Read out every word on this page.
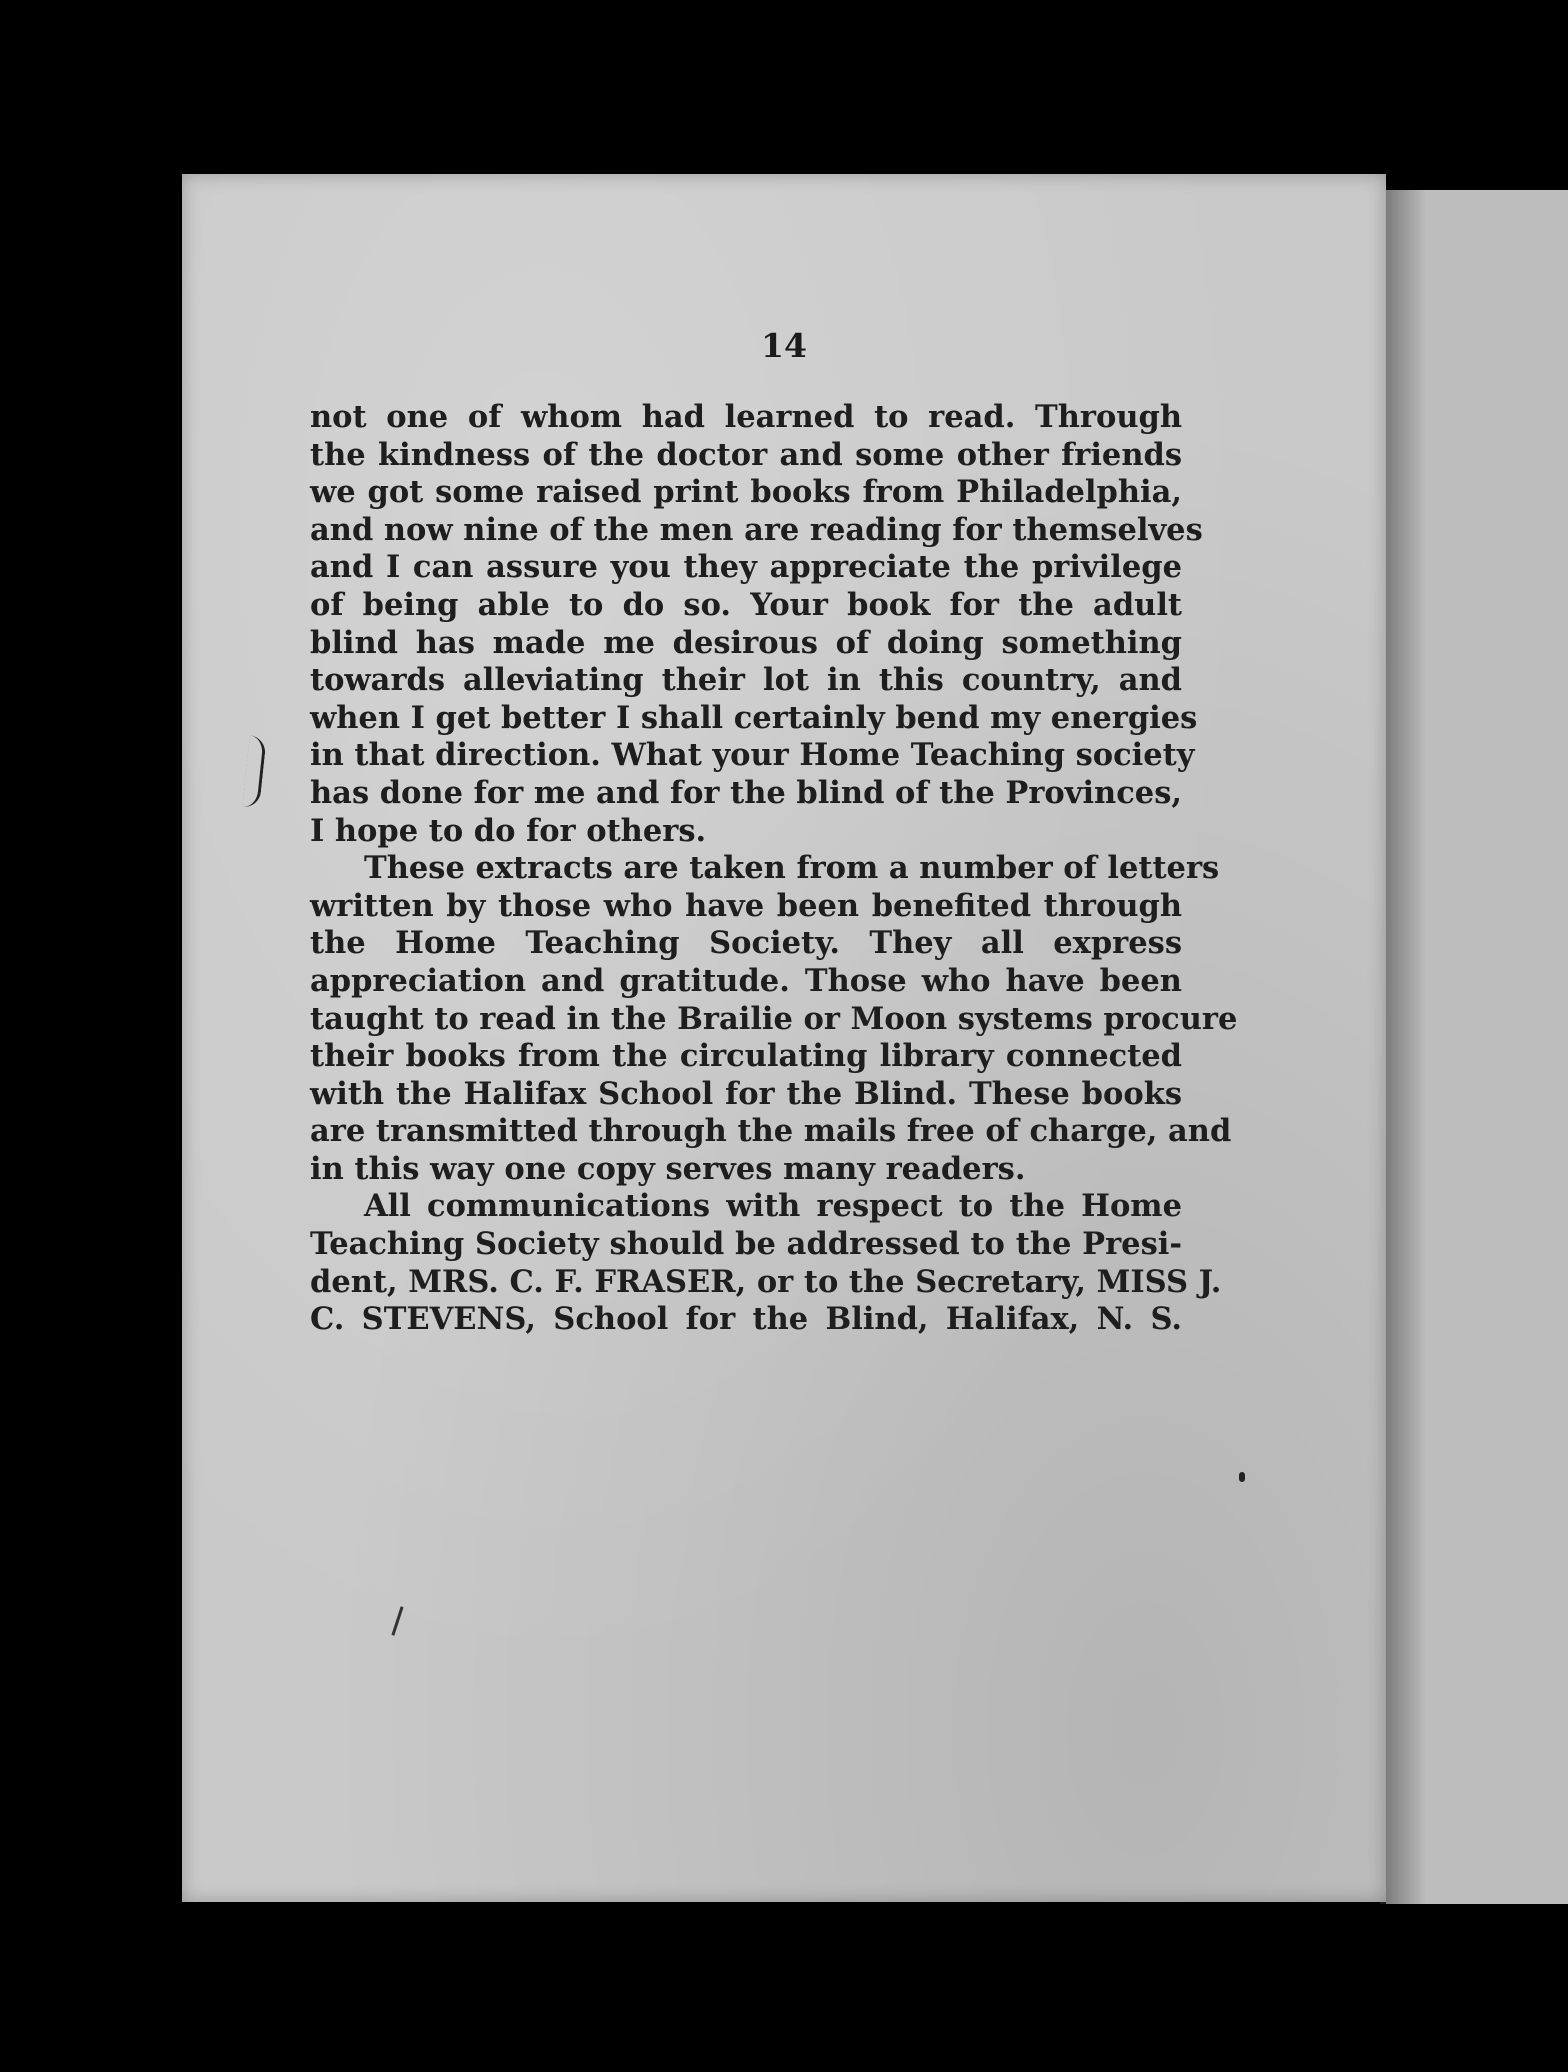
14
not one of whom had learned to read. Through
the kindness of the doctor and some other friends
we got some raised print books from Philadelphia,
and now nine of the men are reading for themselves
and I can assure you they appreciate the privilege
of being able to do so. Your book for the adult
blind has made me desirous of doing something
towards alleviating their lot in this country, and
when I get better I shall certainly bend my energies
in that direction. What your Home Teaching society
has done for me and for the blind of the Provinces,
I hope to do for others.
These extracts are taken from a number of letters
written by those who have been benefited through
the Home Teaching Society. They all express
appreciation and gratitude. Those who have been
taught to read in the Brailie or Moon systems procure
their books from the circulating library connected
with the Halifax School for the Blind. These books
are transmitted through the mails free of charge, and
in this way one copy serves many readers.
All communications with respect to the Home
Teaching Society should be addressed to the Presi-
dent, MRS. C. F. FRASER, or to the Secretary, MISS J.
C. STEVENS, School for the Blind, Halifax, N. S.
